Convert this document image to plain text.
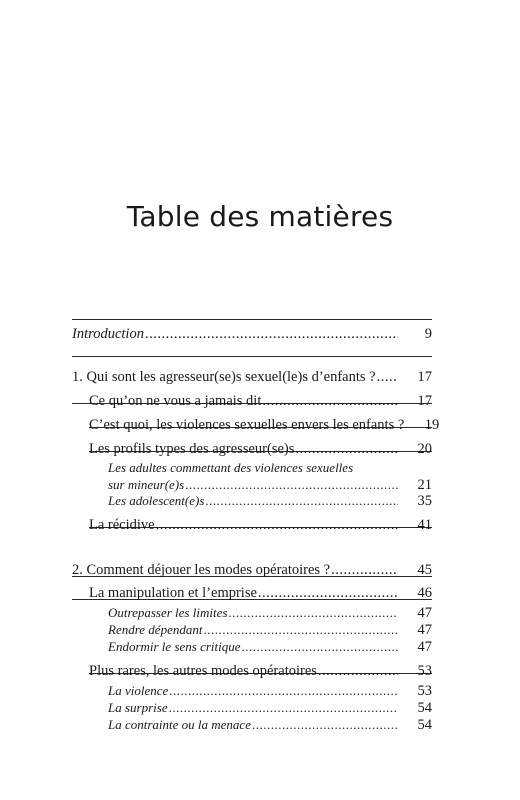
Table des matières
Introduction .....	9
1. Qui sont les agresseur(se)s sexuel(le)s d’enfants ? .....	17
Ce qu’on ne vous a jamais dit .....	17
C’est quoi, les violences sexuelles envers les enfants ?	19
Les profils types des agresseur(se)s .....	20
Les adultes commettant des violences sexuelles
sur mineur(e)s .....	21
Les adolescent(e)s .....	35
La récidive .....	41
2. Comment déjouer les modes opératoires ? .....	45
La manipulation et l’emprise .....	46
Outrepasser les limites .....	47
Rendre dépendant .....	47
Endormir le sens critique .....	47
Plus rares, les autres modes opératoires .....	53
La violence .....	53
La surprise .....	54
La contrainte ou la menace .....	54
